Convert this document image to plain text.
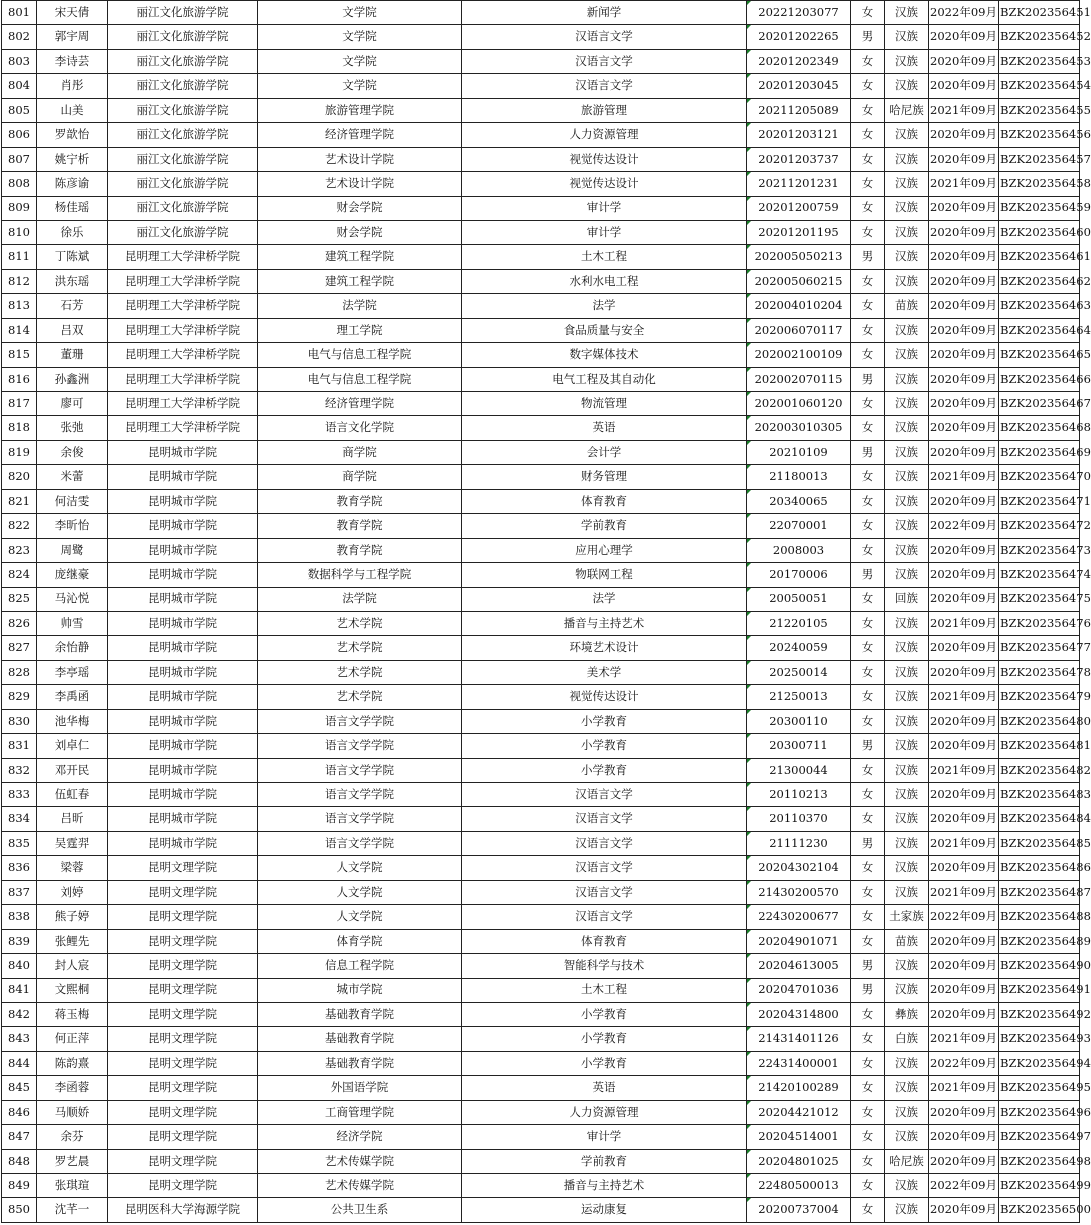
801	宋天倩	丽江文化旅游学院	文学院	新闻学	20221203077	女	汉族	2022年09月	BZK202356451
802	郭宇周	丽江文化旅游学院	文学院	汉语言文学	20201202265	男	汉族	2020年09月	BZK202356452
803	李诗芸	丽江文化旅游学院	文学院	汉语言文学	20201202349	女	汉族	2020年09月	BZK202356453
804	肖彤	丽江文化旅游学院	文学院	汉语言文学	20201203045	女	汉族	2020年09月	BZK202356454
805	山美	丽江文化旅游学院	旅游管理学院	旅游管理	20211205089	女	哈尼族	2021年09月	BZK202356455
806	罗歆怡	丽江文化旅游学院	经济管理学院	人力资源管理	20201203121	女	汉族	2020年09月	BZK202356456
807	姚宁析	丽江文化旅游学院	艺术设计学院	视觉传达设计	20201203737	女	汉族	2020年09月	BZK202356457
808	陈彦谕	丽江文化旅游学院	艺术设计学院	视觉传达设计	20211201231	女	汉族	2021年09月	BZK202356458
809	杨佳瑶	丽江文化旅游学院	财会学院	审计学	20201200759	女	汉族	2020年09月	BZK202356459
810	徐乐	丽江文化旅游学院	财会学院	审计学	20201201195	女	汉族	2020年09月	BZK202356460
811	丁陈斌	昆明理工大学津桥学院	建筑工程学院	土木工程	202005050213	男	汉族	2020年09月	BZK202356461
812	洪东瑶	昆明理工大学津桥学院	建筑工程学院	水利水电工程	202005060215	女	汉族	2020年09月	BZK202356462
813	石芳	昆明理工大学津桥学院	法学院	法学	202004010204	女	苗族	2020年09月	BZK202356463
814	吕双	昆明理工大学津桥学院	理工学院	食品质量与安全	202006070117	女	汉族	2020年09月	BZK202356464
815	董珊	昆明理工大学津桥学院	电气与信息工程学院	数字媒体技术	202002100109	女	汉族	2020年09月	BZK202356465
816	孙鑫洲	昆明理工大学津桥学院	电气与信息工程学院	电气工程及其自动化	202002070115	男	汉族	2020年09月	BZK202356466
817	廖可	昆明理工大学津桥学院	经济管理学院	物流管理	202001060120	女	汉族	2020年09月	BZK202356467
818	张弛	昆明理工大学津桥学院	语言文化学院	英语	202003010305	女	汉族	2020年09月	BZK202356468
819	余俊	昆明城市学院	商学院	会计学	20210109	男	汉族	2020年09月	BZK202356469
820	米蕾	昆明城市学院	商学院	财务管理	21180013	女	汉族	2021年09月	BZK202356470
821	何洁雯	昆明城市学院	教育学院	体育教育	20340065	女	汉族	2020年09月	BZK202356471
822	李昕怡	昆明城市学院	教育学院	学前教育	22070001	女	汉族	2022年09月	BZK202356472
823	周鹭	昆明城市学院	教育学院	应用心理学	2008003	女	汉族	2020年09月	BZK202356473
824	庞继豪	昆明城市学院	数据科学与工程学院	物联网工程	20170006	男	汉族	2020年09月	BZK202356474
825	马沁悦	昆明城市学院	法学院	法学	20050051	女	回族	2020年09月	BZK202356475
826	帅雪	昆明城市学院	艺术学院	播音与主持艺术	21220105	女	汉族	2021年09月	BZK202356476
827	余怡静	昆明城市学院	艺术学院	环境艺术设计	20240059	女	汉族	2020年09月	BZK202356477
828	李亭瑶	昆明城市学院	艺术学院	美术学	20250014	女	汉族	2020年09月	BZK202356478
829	李禹函	昆明城市学院	艺术学院	视觉传达设计	21250013	女	汉族	2021年09月	BZK202356479
830	池华梅	昆明城市学院	语言文学学院	小学教育	20300110	女	汉族	2020年09月	BZK202356480
831	刘卓仁	昆明城市学院	语言文学学院	小学教育	20300711	男	汉族	2020年09月	BZK202356481
832	邓开民	昆明城市学院	语言文学学院	小学教育	21300044	女	汉族	2021年09月	BZK202356482
833	伍虹春	昆明城市学院	语言文学学院	汉语言文学	20110213	女	汉族	2020年09月	BZK202356483
834	吕昕	昆明城市学院	语言文学学院	汉语言文学	20110370	女	汉族	2020年09月	BZK202356484
835	吴霆羿	昆明城市学院	语言文学学院	汉语言文学	21111230	男	汉族	2021年09月	BZK202356485
836	梁蓉	昆明文理学院	人文学院	汉语言文学	20204302104	女	汉族	2020年09月	BZK202356486
837	刘婷	昆明文理学院	人文学院	汉语言文学	21430200570	女	汉族	2021年09月	BZK202356487
838	熊子婷	昆明文理学院	人文学院	汉语言文学	22430200677	女	土家族	2022年09月	BZK202356488
839	张鲤先	昆明文理学院	体育学院	体育教育	20204901071	女	苗族	2020年09月	BZK202356489
840	封人宸	昆明文理学院	信息工程学院	智能科学与技术	20204613005	男	汉族	2020年09月	BZK202356490
841	文熙桐	昆明文理学院	城市学院	土木工程	20204701036	男	汉族	2020年09月	BZK202356491
842	蒋玉梅	昆明文理学院	基础教育学院	小学教育	20204314800	女	彝族	2020年09月	BZK202356492
843	何正萍	昆明文理学院	基础教育学院	小学教育	21431401126	女	白族	2021年09月	BZK202356493
844	陈韵熹	昆明文理学院	基础教育学院	小学教育	22431400001	女	汉族	2022年09月	BZK202356494
845	李函蓉	昆明文理学院	外国语学院	英语	21420100289	女	汉族	2021年09月	BZK202356495
846	马顺娇	昆明文理学院	工商管理学院	人力资源管理	20204421012	女	汉族	2020年09月	BZK202356496
847	余芬	昆明文理学院	经济学院	审计学	20204514001	女	汉族	2020年09月	BZK202356497
848	罗艺晨	昆明文理学院	艺术传媒学院	学前教育	20204801025	女	哈尼族	2020年09月	BZK202356498
849	张琪瑄	昆明文理学院	艺术传媒学院	播音与主持艺术	22480500013	女	汉族	2022年09月	BZK202356499
850	沈芊一	昆明医科大学海源学院	公共卫生系	运动康复	20200737004	女	汉族	2020年09月	BZK202356500
